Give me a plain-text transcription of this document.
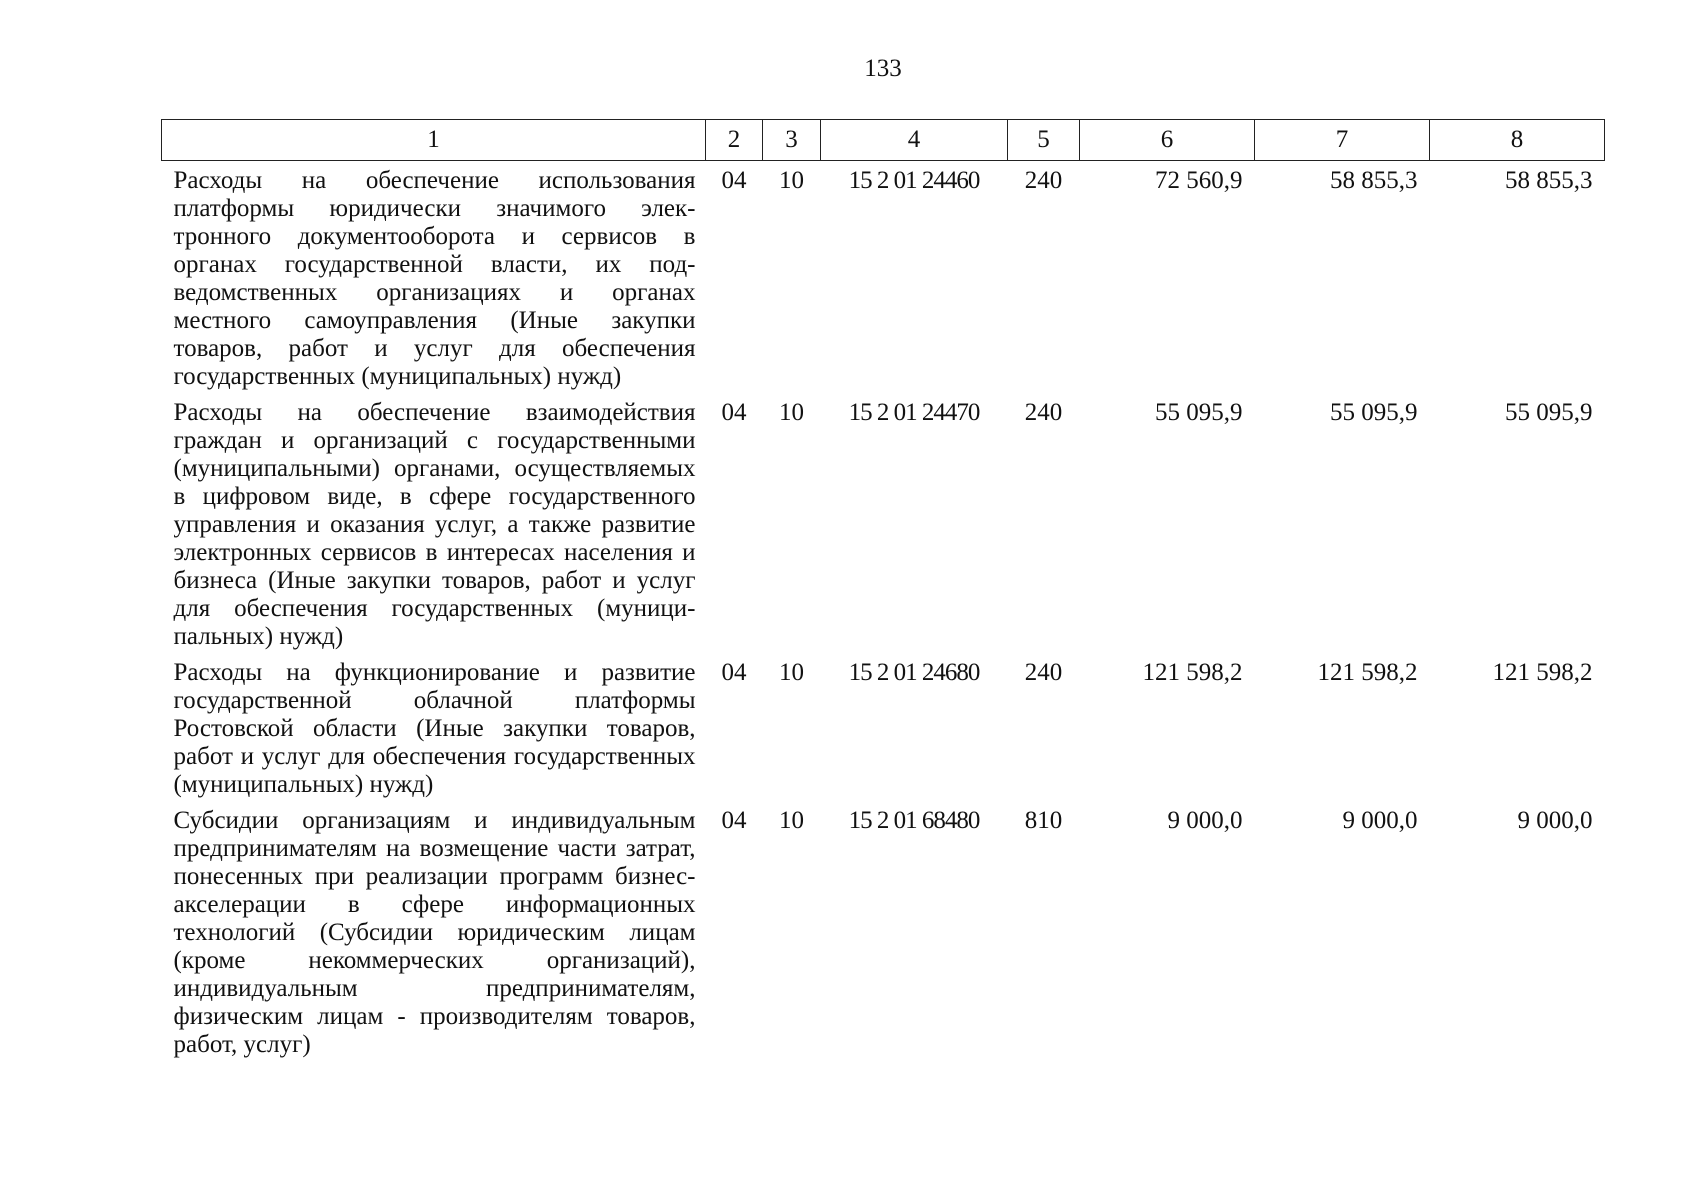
133
1	2	3	4	5	6	7	8
Расходы на обеспечение использования платформы юридически значимого электронного документооборота и сервисов в органах государственной власти, их подведомственных организациях и органах местного самоуправления (Иные закупки товаров, работ и услуг для обеспечения государственных (муниципальных) нужд)	04	10	15 2 01 24460	240	72 560,9	58 855,3	58 855,3
Расходы на обеспечение взаимодействия граждан и организаций с государственными (муниципальными) органами, осуществляемых в цифровом виде, в сфере государственного управления и оказания услуг, а также развитие электронных сервисов в интересах населения и бизнеса (Иные закупки товаров, работ и услуг для обеспечения государственных (муниципальных) нужд)	04	10	15 2 01 24470	240	55 095,9	55 095,9	55 095,9
Расходы на функционирование и развитие государственной облачной платформы Ростовской области (Иные закупки товаров, работ и услуг для обеспечения государственных (муниципальных) нужд)	04	10	15 2 01 24680	240	121 598,2	121 598,2	121 598,2
Субсидии организациям и индивидуальным предпринимателям на возмещение части затрат, понесенных при реализации программ бизнес-акселерации в сфере информационных технологий (Субсидии юридическим лицам (кроме некоммерческих организаций), индивидуальным предпринимателям, физическим лицам - производителям товаров, работ, услуг)	04	10	15 2 01 68480	810	9 000,0	9 000,0	9 000,0
